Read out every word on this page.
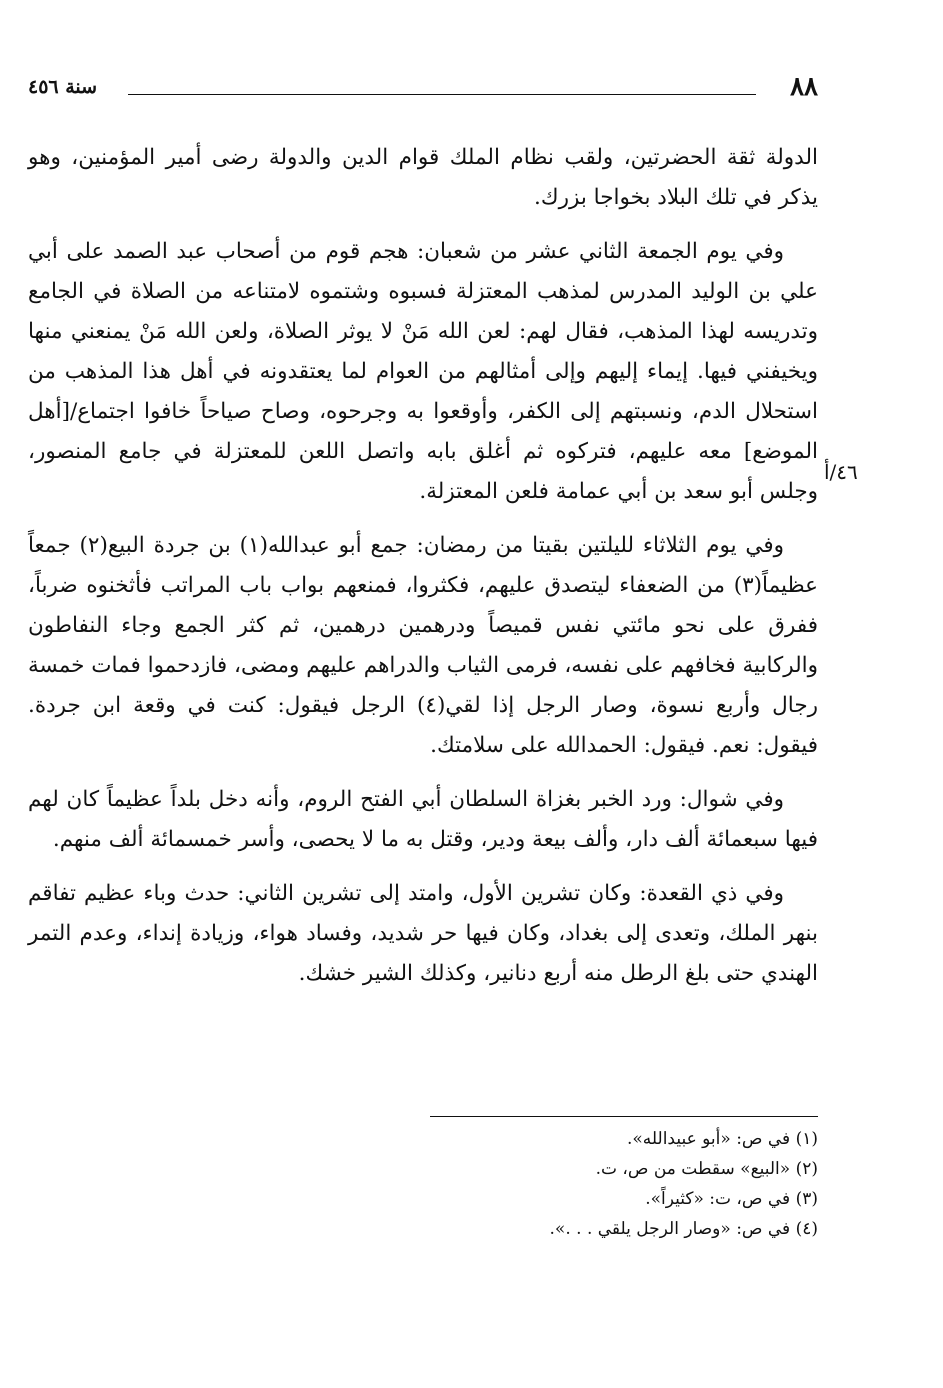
٨٨
سنة ٤٥٦
٤٦/أ

الدولة ثقة الحضرتين، ولقب نظام الملك قوام الدين والدولة رضى أمير المؤمنين، وهو يذكر في تلك البلاد بخواجا بزرك.

وفي يوم الجمعة الثاني عشر من شعبان: هجم قوم من أصحاب عبد الصمد على أبي علي بن الوليد المدرس لمذهب المعتزلة فسبوه وشتموه لامتناعه من الصلاة في الجامع وتدريسه لهذا المذهب، فقال لهم: لعن الله مَنْ لا يوثر الصلاة، ولعن الله مَنْ يمنعني منها ويخيفني فيها. إيماء إليهم وإلى أمثالهم من العوام لما يعتقدونه في أهل هذا المذهب من استحلال الدم، ونسبتهم إلى الكفر، وأوقعوا به وجرحوه، وصاح صياحاً خافوا اجتماع/[أهل الموضع] معه عليهم، فتركوه ثم أغلق بابه واتصل اللعن للمعتزلة في جامع المنصور، وجلس أبو سعد بن أبي عمامة فلعن المعتزلة.

وفي يوم الثلاثاء لليلتين بقيتا من رمضان: جمع أبو عبدالله(١) بن جردة البيع(٢) جمعاً عظيماً(٣) من الضعفاء ليتصدق عليهم، فكثروا، فمنعهم بواب باب المراتب فأثخنوه ضرباً، ففرق على نحو مائتي نفس قميصاً ودرهمين درهمين، ثم كثر الجمع وجاء النفاطون والركابية فخافهم على نفسه، فرمى الثياب والدراهم عليهم ومضى، فازدحموا فمات خمسة رجال وأربع نسوة، وصار الرجل إذا لقي(٤) الرجل فيقول: كنت في وقعة ابن جردة. فيقول: نعم. فيقول: الحمدالله على سلامتك.

وفي شوال: ورد الخبر بغزاة السلطان أبي الفتح الروم، وأنه دخل بلداً عظيماً كان لهم فيها سبعمائة ألف دار، وألف بيعة ودير، وقتل به ما لا يحصى، وأسر خمسمائة ألف منهم.

وفي ذي القعدة: وكان تشرين الأول، وامتد إلى تشرين الثاني: حدث وباء عظيم تفاقم بنهر الملك، وتعدى إلى بغداد، وكان فيها حر شديد، وفساد هواء، وزيادة إنداء، وعدم التمر الهندي حتى بلغ الرطل منه أربع دنانير، وكذلك الشير خشك.

(١) في ص: «أبو عبيدالله».

(٢) «البيع» سقطت من ص، ت.

(٣) في ص، ت: «كثيراً».

(٤) في ص: «وصار الرجل يلقي . . .».
